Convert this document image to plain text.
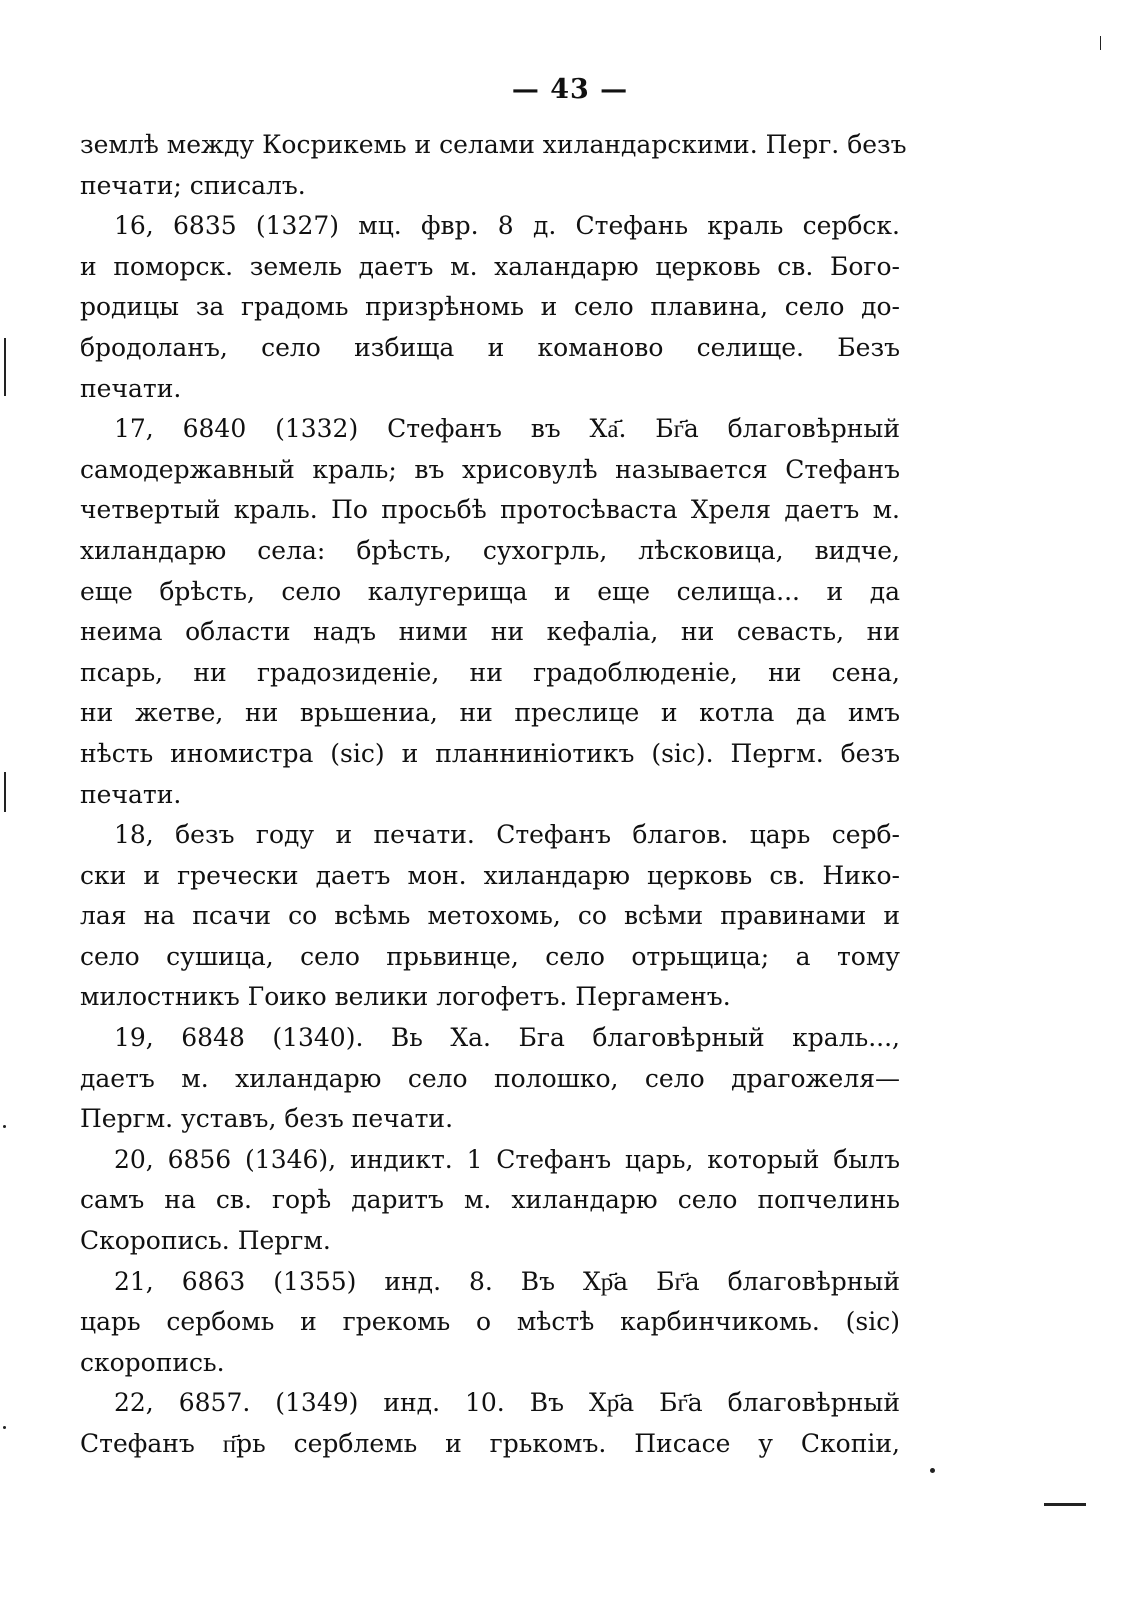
— 43 —

землѣ между Косрикемь и селами хиландарскими. Перг. безъ
печати; списалъ.

16, 6835 (1327) мц. фвр. 8 д. Стефань краль сербск.
и поморск. земель даетъ м. халандарю церковь св. Бого-
родицы за градомь призрѣномь и село плавина, село до-
бродоланъ, село избища и команово селище. Безъ
печати.

17, 6840 (1332) Стефанъ въ Ха҃. Бг҃а благовѣрный
самодержавный краль; въ хрисовулѣ называется Стефанъ
четвертый краль. По просьбѣ протосѣваста Хреля даетъ м.
хиландарю села: брѣсть, сухогрль, лѣсковица, видче,
еще брѣсть, село калугерища и еще селища... и да
неима области надъ ними ни кефаліа, ни севасть, ни
псарь, ни градозиденіе, ни градоблюденіе, ни сена,
ни жетве, ни врьшениа, ни преслице и котла да имъ
нѣсть иномистра (sic) и планниніотикъ (sic). Пергм. безъ
печати.

18, безъ году и печати. Стефанъ благов. царь серб-
ски и гречески даетъ мон. хиландарю церковь св. Нико-
лая на псачи со всѣмь метохомь, со всѣми правинами и
село сушица, село прьвинце, село отрьщица; а тому
милостникъ Гоико велики логофетъ. Пергаменъ.

19, 6848 (1340). Вь Ха. Бга благовѣрный краль...,
даетъ м. хиландарю село полошко, село драгожеля—
Пергм. уставъ, безъ печати.

20, 6856 (1346), индикт. 1 Стефанъ царь, который былъ
самъ на св. горѣ даритъ м. хиландарю село попчелинь
Скоропись. Пергм.

21, 6863 (1355) инд. 8. Въ Хр҃а Бг҃а благовѣрный
царь сербомь и грекомь о мѣстѣ карбинчикомь. (sic)
скоропись.

22, 6857. (1349) инд. 10. Въ Хр҃а Бг҃а благовѣрный
Стефанъ п҃рь серблемь и грькомъ. Писасе у Скопіи,
